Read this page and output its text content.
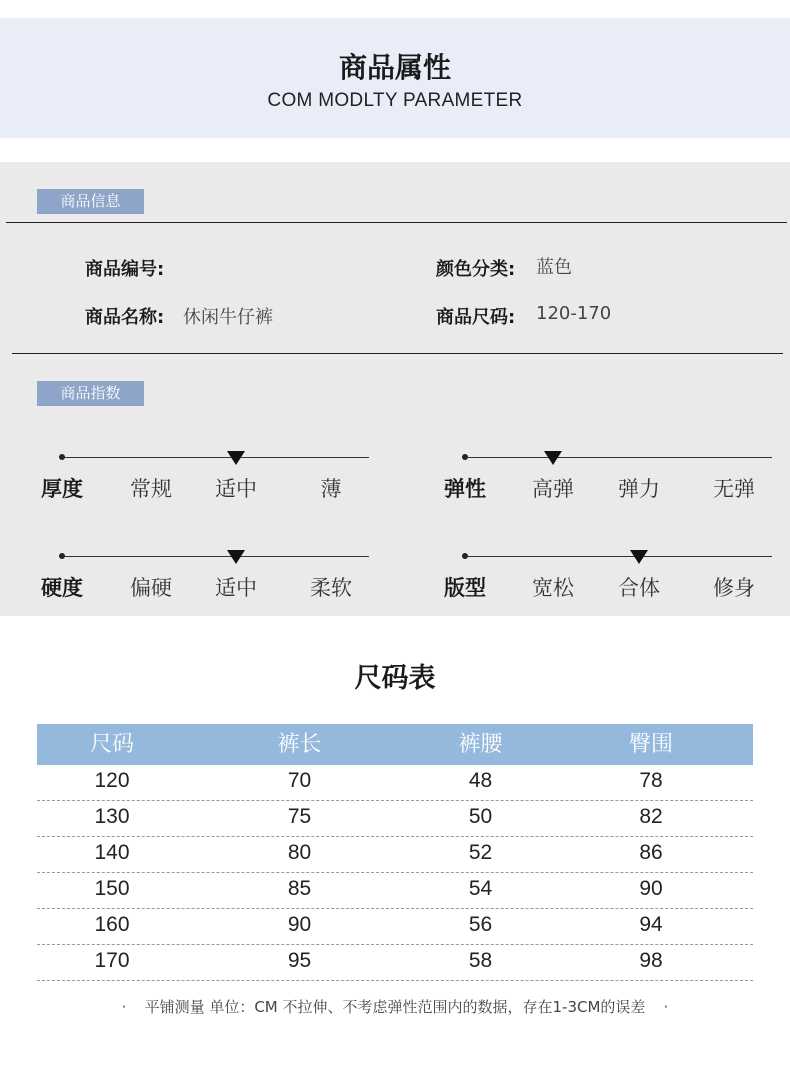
商品属性
COM MODLTY PARAMETER
商品信息
商品编号:	颜色分类: 蓝色
商品名称: 休闲牛仔裤	商品尺码: 120-170
商品指数
厚度	常规	适中	薄	弹性	高弹	弹力	无弹
硬度	偏硬	适中	柔软	版型	宽松	合体	修身
尺码表
尺码	裤长	裤腰	臀围
120	70	48	78
130	75	50	82
140	80	52	86
150	85	54	90
160	90	56	94
170	95	58	98
· 平铺测量 单位：CM 不拉伸、不考虑弹性范围内的数据，存在1-3CM的误差 ·
